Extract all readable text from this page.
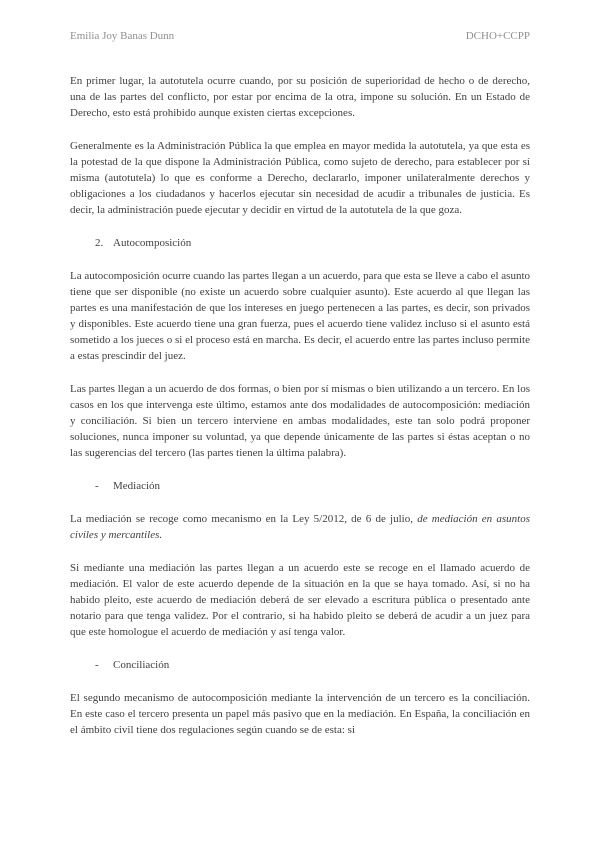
Emilia Joy Banas Dunn	DCHO+CCPP

En primer lugar, la autotutela ocurre cuando, por su posición de superioridad de hecho o de derecho, una de las partes del conflicto, por estar por encima de la otra, impone su solución. En un Estado de Derecho, esto está prohibido aunque existen ciertas excepciones.

Generalmente es la Administración Pública la que emplea en mayor medida la autotutela, ya que esta es la potestad de la que dispone la Administración Pública, como sujeto de derecho, para establecer por sí misma (autotutela) lo que es conforme a Derecho, declararlo, imponer unilateralmente derechos y obligaciones a los ciudadanos y hacerlos ejecutar sin necesidad de acudir a tribunales de justicia. Es decir, la administración puede ejecutar y decidir en virtud de la autotutela de la que goza.

2. Autocomposición

La autocomposición ocurre cuando las partes llegan a un acuerdo, para que esta se lleve a cabo el asunto tiene que ser disponible (no existe un acuerdo sobre cualquier asunto). Este acuerdo al que llegan las partes es una manifestación de que los intereses en juego pertenecen a las partes, es decir, son privados y disponibles. Este acuerdo tiene una gran fuerza, pues el acuerdo tiene validez incluso si el asunto está sometido a los jueces o si el proceso está en marcha. Es decir, el acuerdo entre las partes incluso permite a estas prescindir del juez.

Las partes llegan a un acuerdo de dos formas, o bien por sí mismas o bien utilizando a un tercero. En los casos en los que intervenga este último, estamos ante dos modalidades de autocomposición: mediación y conciliación. Si bien un tercero interviene en ambas modalidades, este tan solo podrá proponer soluciones, nunca imponer su voluntad, ya que depende únicamente de las partes si éstas aceptan o no las sugerencias del tercero (las partes tienen la última palabra).

-	Mediación

La mediación se recoge como mecanismo en la Ley 5/2012, de 6 de julio, de mediación en asuntos civiles y mercantiles.

Si mediante una mediación las partes llegan a un acuerdo este se recoge en el llamado acuerdo de mediación. El valor de este acuerdo depende de la situación en la que se haya tomado. Así, si no ha habido pleito, este acuerdo de mediación deberá de ser elevado a escritura pública o presentado ante notario para que tenga validez. Por el contrario, si ha habido pleito se deberá de acudir a un juez para que este homologue el acuerdo de mediación y así tenga valor.

-	Conciliación

El segundo mecanismo de autocomposición mediante la intervención de un tercero es la conciliación. En este caso el tercero presenta un papel más pasivo que en la mediación. En España, la conciliación en el ámbito civil tiene dos regulaciones según cuando se de esta: si
